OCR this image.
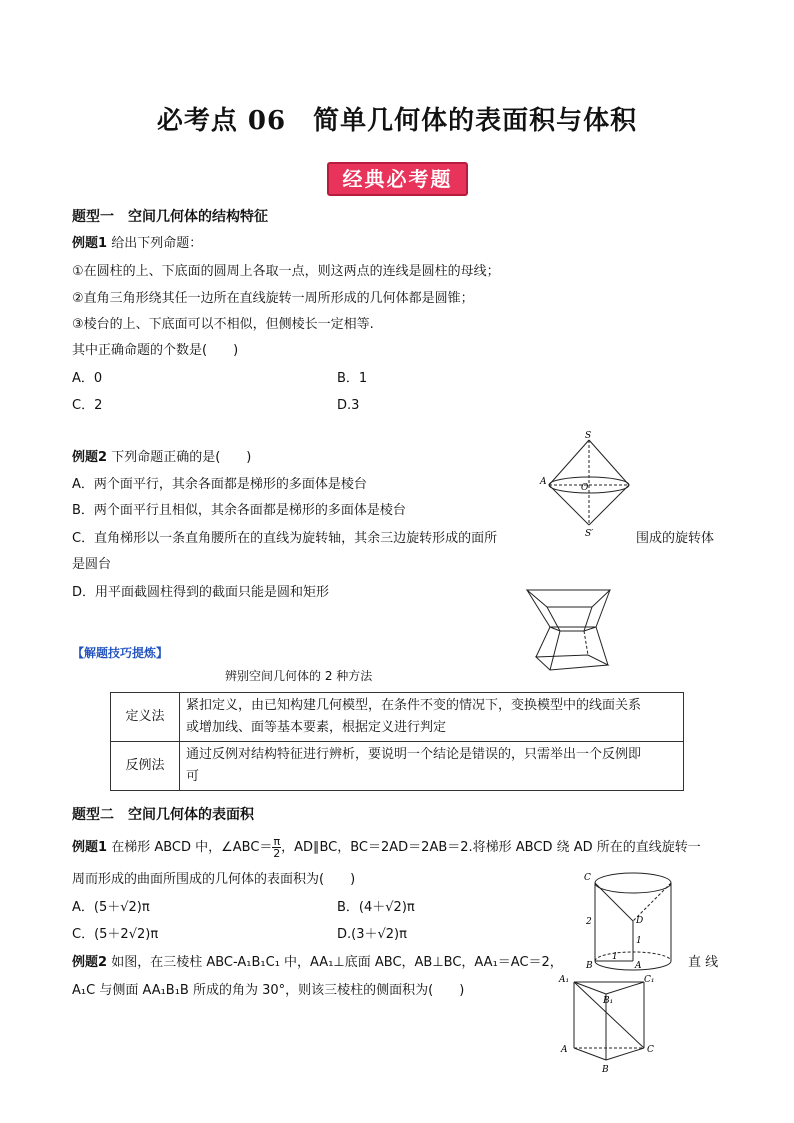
必考点 06　简单几何体的表面积与体积
经典必考题
题型一　空间几何体的结构特征
例题1 给出下列命题：
①在圆柱的上、下底面的圆周上各取一点，则这两点的连线是圆柱的母线；
②直角三角形绕其任一边所在直线旋转一周所形成的几何体都是圆锥；
③棱台的上、下底面可以不相似，但侧棱长一定相等.
其中正确命题的个数是(　　)
A．0	B．1
C．2	D.3
例题2 下列命题正确的是(　　)
A．两个面平行，其余各面都是梯形的多面体是棱台
B．两个面平行且相似，其余各面都是梯形的多面体是棱台
C．直角梯形以一条直角腰所在的直线为旋转轴，其余三边旋转形成的面所	围成的旋转体
是圆台
D．用平面截圆柱得到的截面只能是圆和矩形
S
A
O
S′
【解题技巧提炼】
辨别空间几何体的 2 种方法
定义法	紧扣定义，由已知构建几何模型，在条件不变的情况下，变换模型中的线面关系
或增加线、面等基本要素，根据定义进行判定

反例法	通过反例对结构特征进行辨析，要说明一个结论是错误的，只需举出一个反例即
可
题型二　空间几何体的表面积
例题1 在梯形 ABCD 中，∠ABC＝ $\frac{\pi}{2}$ ，AD∥BC，BC＝2AD＝2AB＝2.将梯形 ABCD 绕 AD 所在的直线旋转一
周而形成的曲面所围成的几何体的表面积为(　　)
A．(5＋√2)π	B．(4＋√2)π
C．(5＋2√2)π	D.(3＋√2)π
C
D
B	A
2
1
1
例题2 如图，在三棱柱 ABC-A₁B₁C₁ 中，AA₁⊥底面 ABC，AB⊥BC，AA₁＝AC＝2，	直 线
A₁C 与侧面 AA₁B₁B 所成的角为 30°，则该三棱柱的侧面积为(　　)
A₁	C₁
B₁
A	C
B
